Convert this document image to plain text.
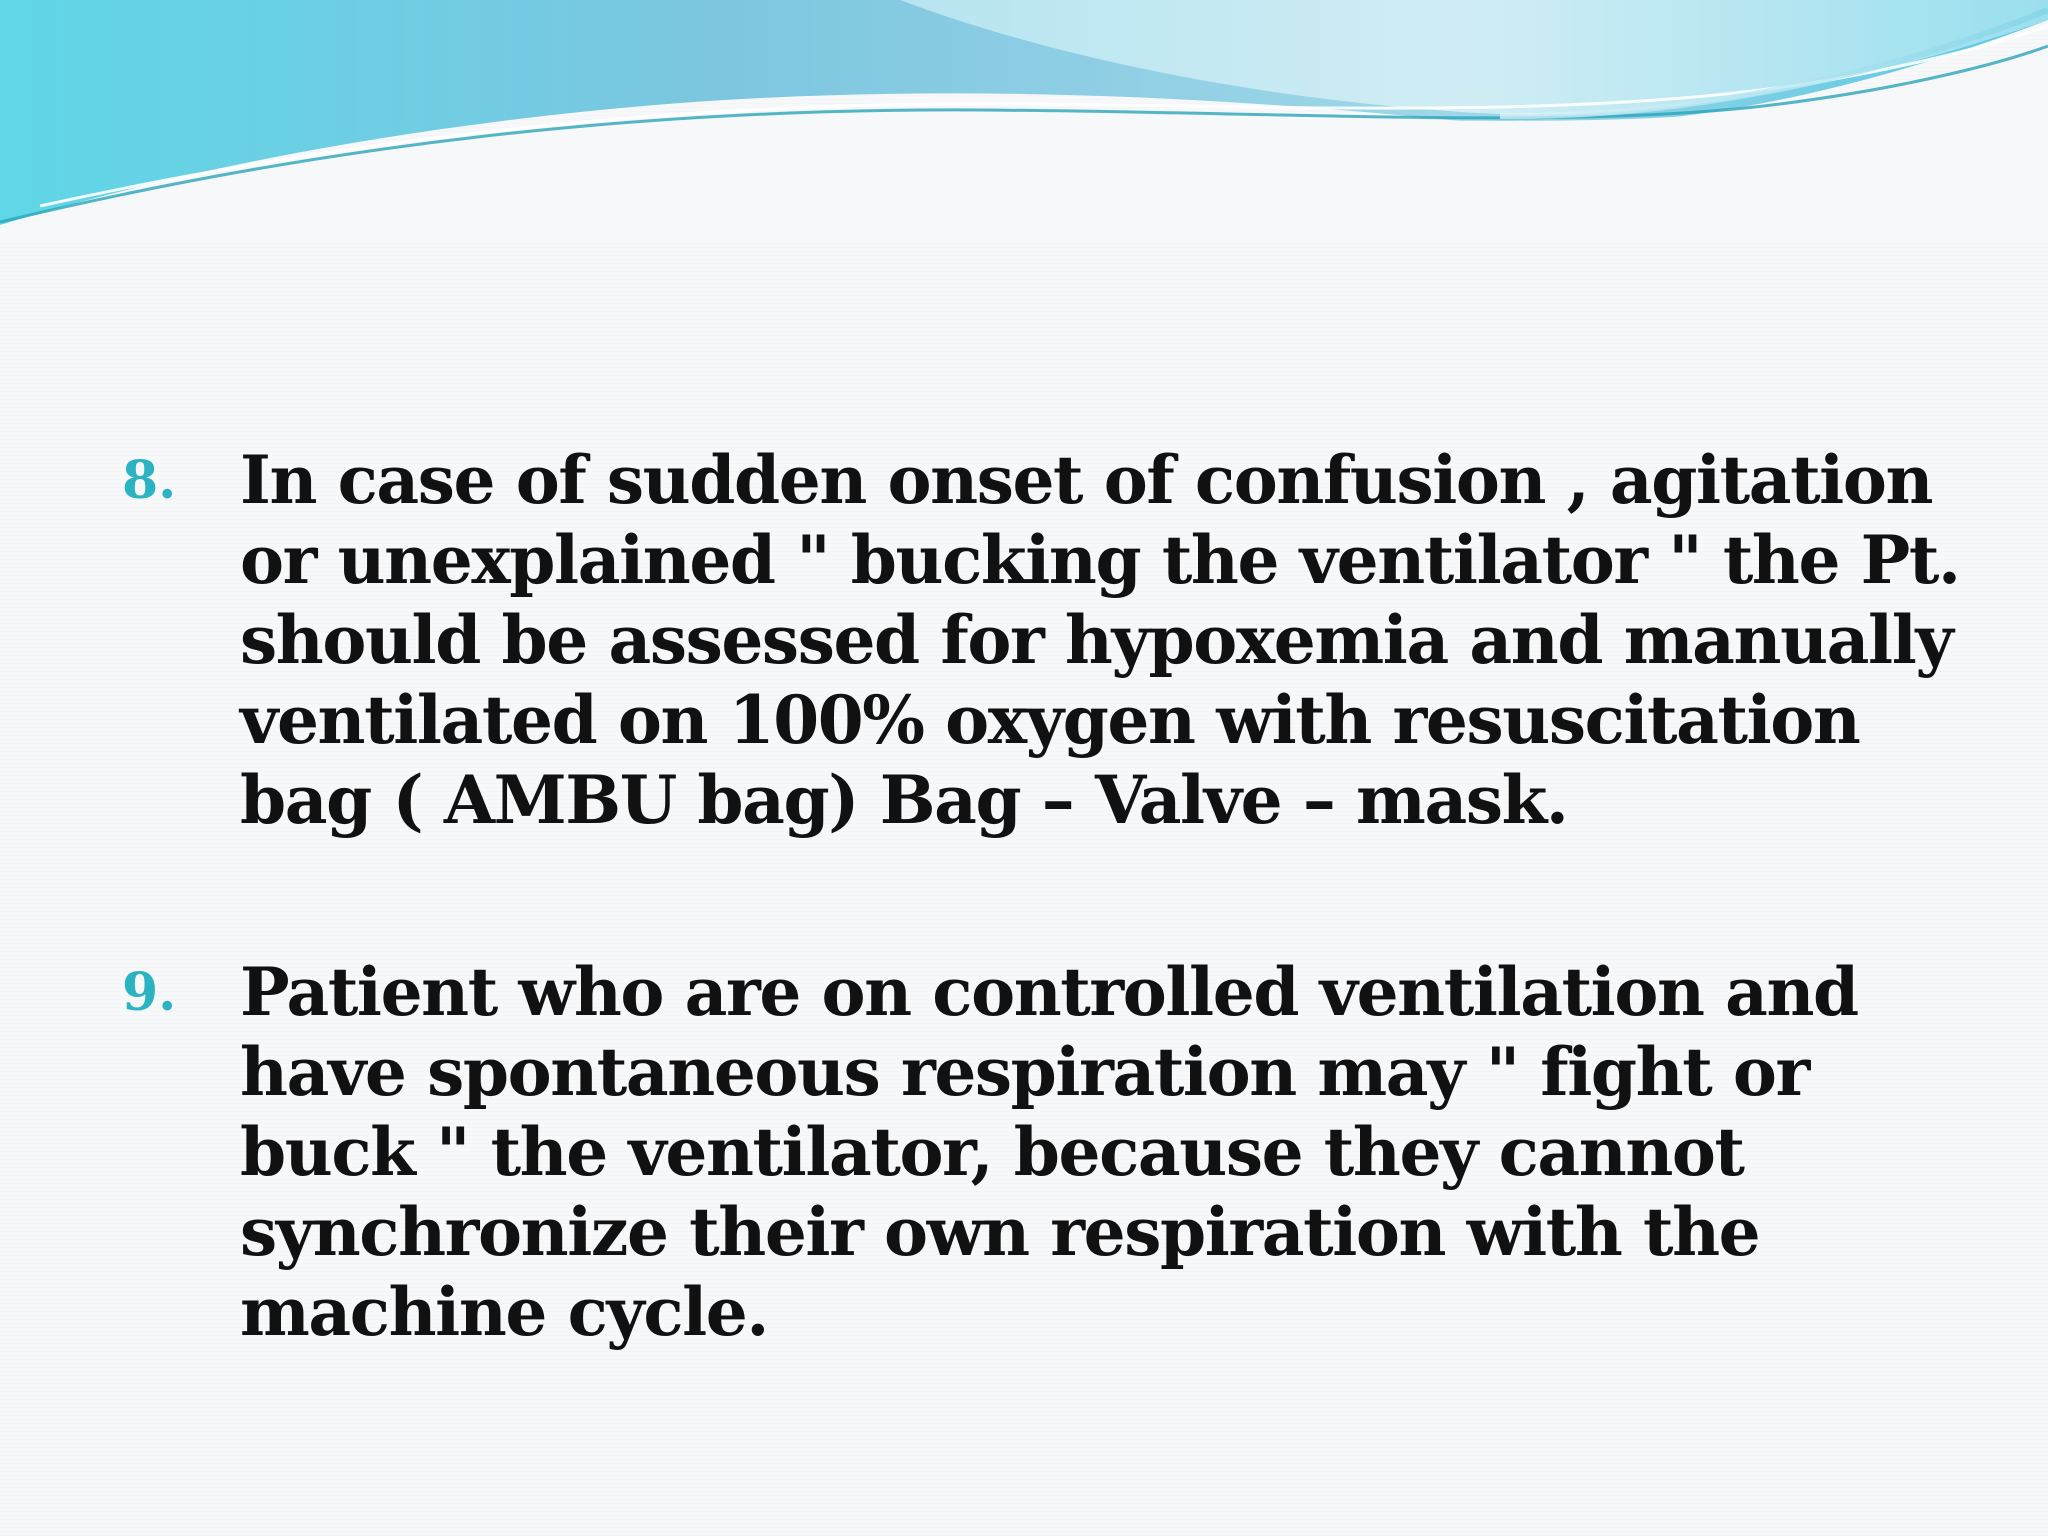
8. In case of sudden onset of confusion , agitation
or unexplained " bucking the ventilator " the Pt.
should be assessed for hypoxemia and manually
ventilated on 100% oxygen with resuscitation
bag ( AMBU bag) Bag – Valve – mask.
9. Patient who are on controlled ventilation and
have spontaneous respiration may " fight or
buck " the ventilator, because they cannot
synchronize their own respiration with the
machine cycle.
